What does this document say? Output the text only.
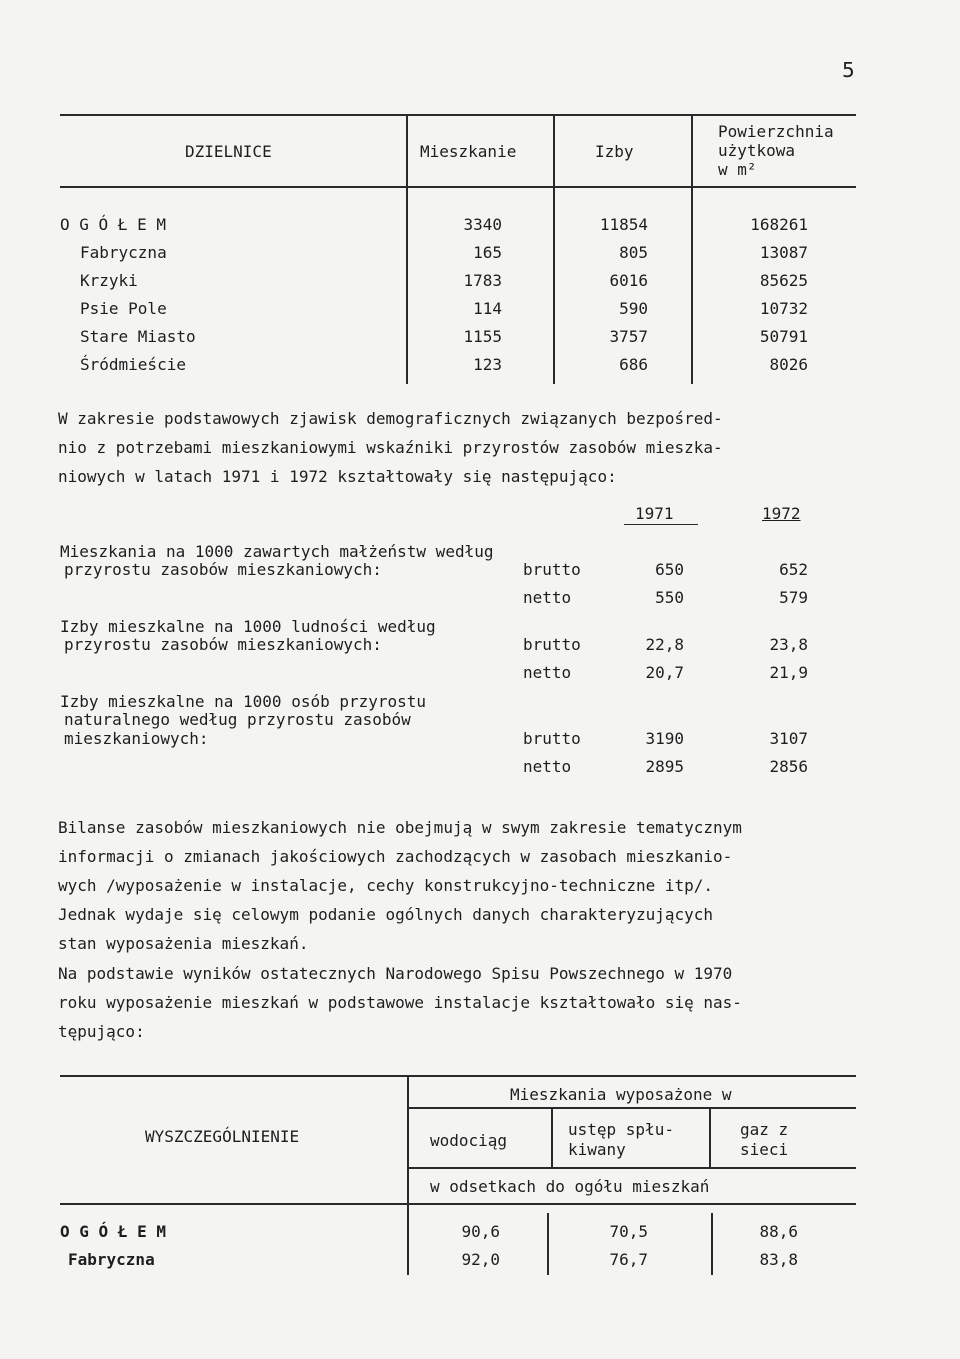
5
DZIELNICE	Mieszkanie	Izby
Powierzchnia
użytkowa
w m²
O G Ó Ł E M	3340	11854	168261
Fabryczna	165	805	13087
Krzyki	1783	6016	85625
Psie Pole	114	590	10732
Stare Miasto	1155	3757	50791
Śródmieście	123	686	8026

W zakresie podstawowych zjawisk demograficznych związanych bezpośred-

nio z potrzebami mieszkaniowymi wskaźniki przyrostów zasobów mieszka-

niowych w latach 1971 i 1972 kształtowały się następująco:

1971	1972
Mieszkania na 1000 zawartych małżeństw według
przyrostu zasobów mieszkaniowych:	brutto	650	652
netto	550	579
Izby mieszkalne na 1000 ludności według
przyrostu zasobów mieszkaniowych:	brutto	22,8	23,8
netto	20,7	21,9
Izby mieszkalne na 1000 osób przyrostu
naturalnego według przyrostu zasobów
mieszkaniowych:	brutto	3190	3107
netto	2895	2856

Bilanse zasobów mieszkaniowych nie obejmują w swym zakresie tematycznym

informacji o zmianach jakościowych zachodzących w zasobach mieszkanio-

wych /wyposażenie w instalacje, cechy konstrukcyjno-techniczne itp/.

Jednak wydaje się celowym podanie ogólnych danych charakteryzujących

stan wyposażenia mieszkań.

Na podstawie wyników ostatecznych Narodowego Spisu Powszechnego w 1970

roku wyposażenie mieszkań w podstawowe instalacje kształtowało się nas-

tępująco:

WYSZCZEGÓLNIENIE
Mieszkania wyposażone w
wodociąg
ustęp spłu-
kiwany
gaz z
sieci
w odsetkach do ogółu mieszkań
O G Ó Ł E M	90,6	70,5	88,6
Fabryczna	92,0	76,7	83,8
